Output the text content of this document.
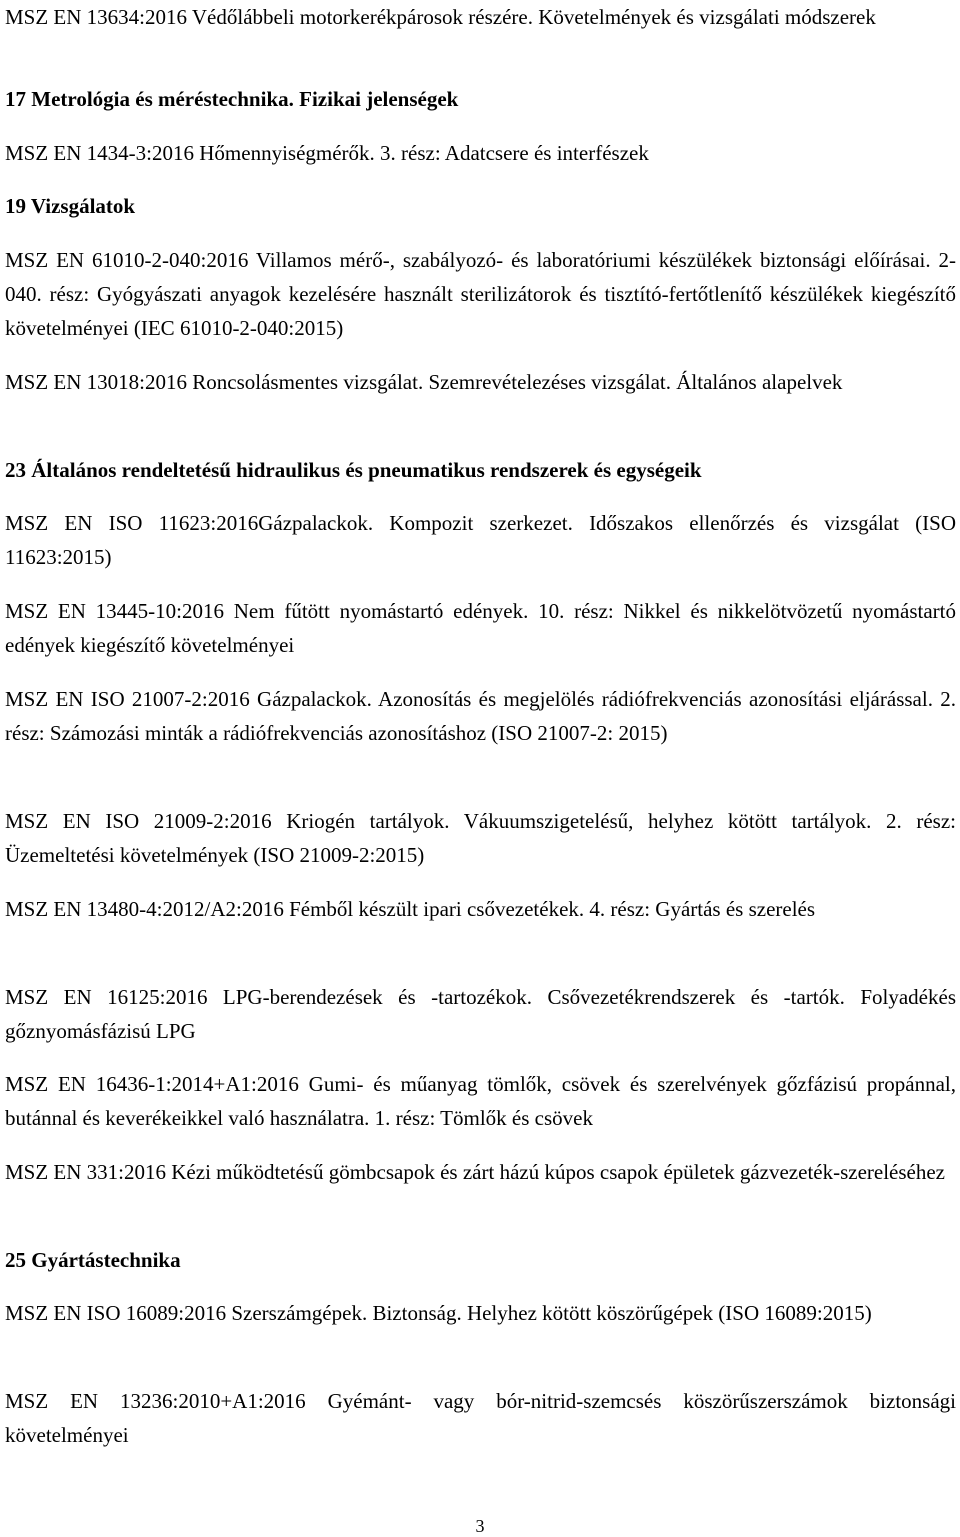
MSZ EN 13634:2016 Védőlábbeli motorkerékpárosok részére. Követelmények és vizsgálati módszerek

17 Metrológia és méréstechnika. Fizikai jelenségek

MSZ EN 1434-3:2016 Hőmennyiségmérők. 3. rész: Adatcsere és interfészek

19 Vizsgálatok

MSZ EN 61010-2-040:2016 Villamos mérő-, szabályozó- és laboratóriumi készülékek biztonsági előírásai. 2-040. rész: Gyógyászati anyagok kezelésére használt sterilizátorok és tisztító-fertőtlenítő készülékek kiegészítő követelményei (IEC 61010-2-040:2015)

MSZ EN 13018:2016 Roncsolásmentes vizsgálat. Szemrevételezéses vizsgálat. Általános alapelvek

23 Általános rendeltetésű hidraulikus és pneumatikus rendszerek és egységeik

MSZ EN ISO 11623:2016Gázpalackok. Kompozit szerkezet. Időszakos ellenőrzés és vizsgálat (ISO 11623:2015)

MSZ EN 13445-10:2016 Nem fűtött nyomástartó edények. 10. rész: Nikkel és nikkelötvözetű nyomástartó edények kiegészítő követelményei

MSZ EN ISO 21007-2:2016 Gázpalackok. Azonosítás és megjelölés rádiófrekvenciás azonosítási eljárással. 2. rész: Számozási minták a rádiófrekvenciás azonosításhoz (ISO 21007-2: 2015)

MSZ EN ISO 21009-2:2016 Kriogén tartályok. Vákuumszigetelésű, helyhez kötött tartályok. 2. rész: Üzemeltetési követelmények (ISO 21009-2:2015)

MSZ EN 13480-4:2012/A2:2016 Fémből készült ipari csővezetékek. 4. rész: Gyártás és szerelés

MSZ EN 16125:2016 LPG-berendezések és -tartozékok. Csővezetékrendszerek és -tartók. Folyadékés gőznyomásfázisú LPG

MSZ EN 16436-1:2014+A1:2016 Gumi- és műanyag tömlők, csövek és szerelvények gőzfázisú propánnal, butánnal és keverékeikkel való használatra. 1. rész: Tömlők és csövek

MSZ EN 331:2016 Kézi működtetésű gömbcsapok és zárt házú kúpos csapok épületek gázvezeték-szereléséhez

25 Gyártástechnika

MSZ EN ISO 16089:2016 Szerszámgépek. Biztonság. Helyhez kötött köszörűgépek (ISO 16089:2015)

MSZ EN 13236:2010+A1:2016 Gyémánt- vagy bór-nitrid-szemcsés köszörűszerszámok biztonsági követelményei

3
